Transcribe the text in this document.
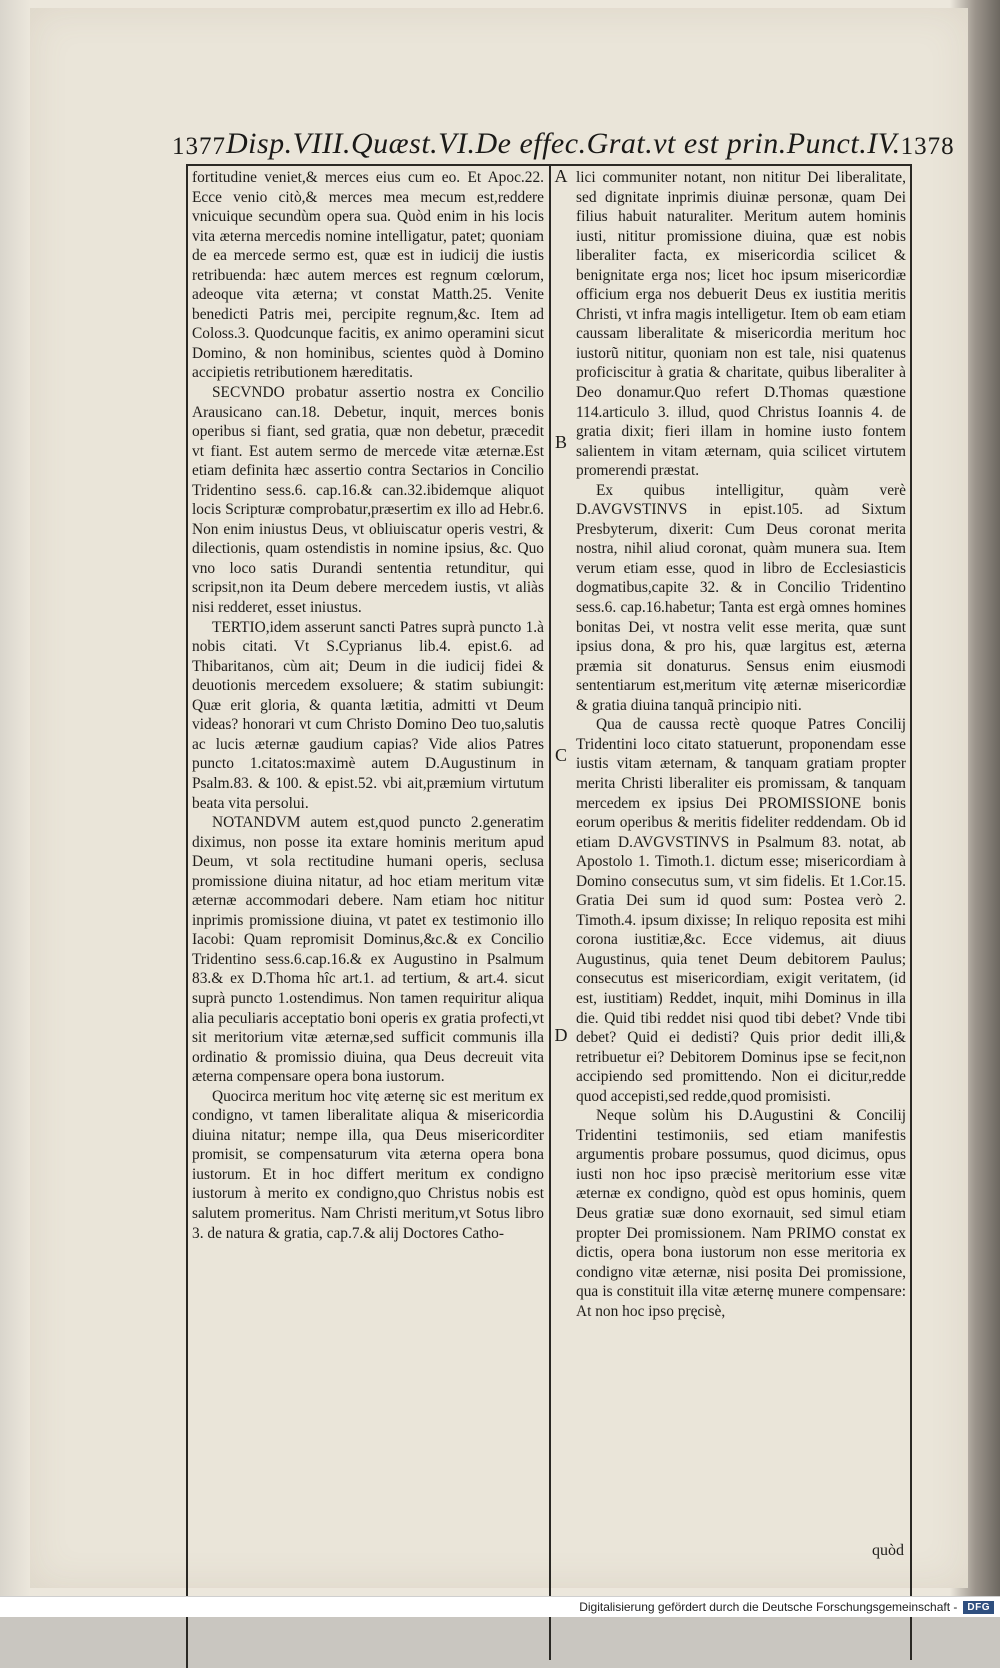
1377 Disp.VIII.Quæst.VI.De effec.Grat.vt est prin.Punct.IV. 1378

fortitudine veniet,& merces eius cum eo. Et Apoc.22. Ecce venio citò,& merces mea mecum est,reddere vnicuique secundùm opera sua. Quòd enim in his locis vita æterna mercedis nomine intelligatur, patet; quoniam de ea mercede sermo est, quæ est in iudicij die iustis retribuenda: hæc autem merces est regnum cœlorum, adeoque vita æterna; vt constat Matth.25. Venite benedicti Patris mei, percipite regnum,&c. Item ad Coloss.3. Quodcunque facitis, ex animo operamini sicut Domino, & non hominibus, scientes quòd à Domino accipietis retributionem hæreditatis.

SECVNDO probatur assertio nostra ex Concilio Arausicano can.18. Debetur, inquit, merces bonis operibus si fiant, sed gratia, quæ non debetur, præcedit vt fiant. Est autem sermo de mercede vitæ æternæ.Est etiam definita hæc assertio contra Sectarios in Concilio Tridentino sess.6. cap.16.& can.32.ibidemque aliquot locis Scripturæ comprobatur,præsertim ex illo ad Hebr.6. Non enim iniustus Deus, vt obliuiscatur operis vestri, & dilectionis, quam ostendistis in nomine ipsius, &c. Quo vno loco satis Durandi sententia retunditur, qui scripsit,non ita Deum debere mercedem iustis, vt aliàs nisi redderet, esset iniustus.

TERTIO,idem asserunt sancti Patres suprà puncto 1.à nobis citati. Vt S.Cyprianus lib.4. epist.6. ad Thibaritanos, cùm ait; Deum in die iudicij fidei & deuotionis mercedem exsoluere; & statim subiungit: Quæ erit gloria, & quanta lætitia, admitti vt Deum videas? honorari vt cum Christo Domino Deo tuo,salutis ac lucis æternæ gaudium capias? Vide alios Patres puncto 1.citatos:maximè autem D.Augustinum in Psalm.83. & 100. & epist.52. vbi ait,præmium virtutum beata vita persolui.

NOTANDVM autem est,quod puncto 2.generatim diximus, non posse ita extare hominis meritum apud Deum, vt sola rectitudine humani operis, seclusa promissione diuina nitatur, ad hoc etiam meritum vitæ æternæ accommodari debere. Nam etiam hoc nititur inprimis promissione diuina, vt patet ex testimonio illo Iacobi: Quam repromisit Dominus,&c.& ex Concilio Tridentino sess.6.cap.16.& ex Augustino in Psalmum 83.& ex D.Thoma hîc art.1. ad tertium, & art.4. sicut suprà puncto 1.ostendimus. Non tamen requiritur aliqua alia peculiaris acceptatio boni operis ex gratia profecti,vt sit meritorium vitæ æternæ,sed sufficit communis illa ordinatio & promissio diuina, qua Deus decreuit vita æterna compensare opera bona iustorum.

Quocirca meritum hoc vitę æternę sic est meritum ex condigno, vt tamen liberalitate aliqua & misericordia diuina nitatur; nempe illa, qua Deus misericorditer promisit, se compensaturum vita æterna opera bona iustorum. Et in hoc differt meritum ex condigno iustorum à merito ex condigno,quo Christus nobis est salutem promeritus. Nam Christi meritum,vt Sotus libro 3. de natura & gratia, cap.7.& alij Doctores Catho-

A
B
C
D

lici communiter notant, non nititur Dei liberalitate, sed dignitate inprimis diuinæ personæ, quam Dei filius habuit naturaliter. Meritum autem hominis iusti, nititur promissione diuina, quæ est nobis liberaliter facta, ex misericordia scilicet & benignitate erga nos; licet hoc ipsum misericordiæ officium erga nos debuerit Deus ex iustitia meritis Christi, vt infra magis intelligetur. Item ob eam etiam caussam liberalitate & misericordia meritum hoc iustorũ nititur, quoniam non est tale, nisi quatenus proficiscitur à gratia & charitate, quibus liberaliter à Deo donamur.Quo refert D.Thomas quæstione 114.articulo 3. illud, quod Christus Ioannis 4. de gratia dixit; fieri illam in homine iusto fontem salientem in vitam æternam, quia scilicet virtutem promerendi præstat.

Ex quibus intelligitur, quàm verè D.AVGVSTINVS in epist.105. ad Sixtum Presbyterum, dixerit: Cum Deus coronat merita nostra, nihil aliud coronat, quàm munera sua. Item verum etiam esse, quod in libro de Ecclesiasticis dogmatibus,capite 32. & in Concilio Tridentino sess.6. cap.16.habetur; Tanta est ergà omnes homines bonitas Dei, vt nostra velit esse merita, quæ sunt ipsius dona, & pro his, quæ largitus est, æterna præmia sit donaturus. Sensus enim eiusmodi sententiarum est,meritum vitę æternæ misericordiæ & gratia diuina tanquã principio niti.

Qua de caussa rectè quoque Patres Concilij Tridentini loco citato statuerunt, proponendam esse iustis vitam æternam, & tanquam gratiam propter merita Christi liberaliter eis promissam, & tanquam mercedem ex ipsius Dei PROMISSIONE bonis eorum operibus & meritis fideliter reddendam. Ob id etiam D.AVGVSTINVS in Psalmum 83. notat, ab Apostolo 1. Timoth.1. dictum esse; misericordiam à Domino consecutus sum, vt sim fidelis. Et 1.Cor.15. Gratia Dei sum id quod sum: Postea verò 2. Timoth.4. ipsum dixisse; In reliquo reposita est mihi corona iustitiæ,&c. Ecce videmus, ait diuus Augustinus, quia tenet Deum debitorem Paulus; consecutus est misericordiam, exigit veritatem, (id est, iustitiam) Reddet, inquit, mihi Dominus in illa die. Quid tibi reddet nisi quod tibi debet? Vnde tibi debet? Quid ei dedisti? Quis prior dedit illi,& retribuetur ei? Debitorem Dominus ipse se fecit,non accipiendo sed promittendo. Non ei dicitur,redde quod accepisti,sed redde,quod promisisti.

Neque solùm his D.Augustini & Concilij Tridentini testimoniis, sed etiam manifestis argumentis probare possumus, quod dicimus, opus iusti non hoc ipso præcisè meritorium esse vitæ æternæ ex condigno, quòd est opus hominis, quem Deus gratiæ suæ dono exornauit, sed simul etiam propter Dei promissionem. Nam PRIMO constat ex dictis, opera bona iustorum non esse meritoria ex condigno vitæ æternæ, nisi posita Dei promissione, qua is constituit illa vitæ æternę munere compensare: At non hoc ipso pręcisè,

quòd
Digitalisierung gefördert durch die Deutsche Forschungsgemeinschaft -	DFG
